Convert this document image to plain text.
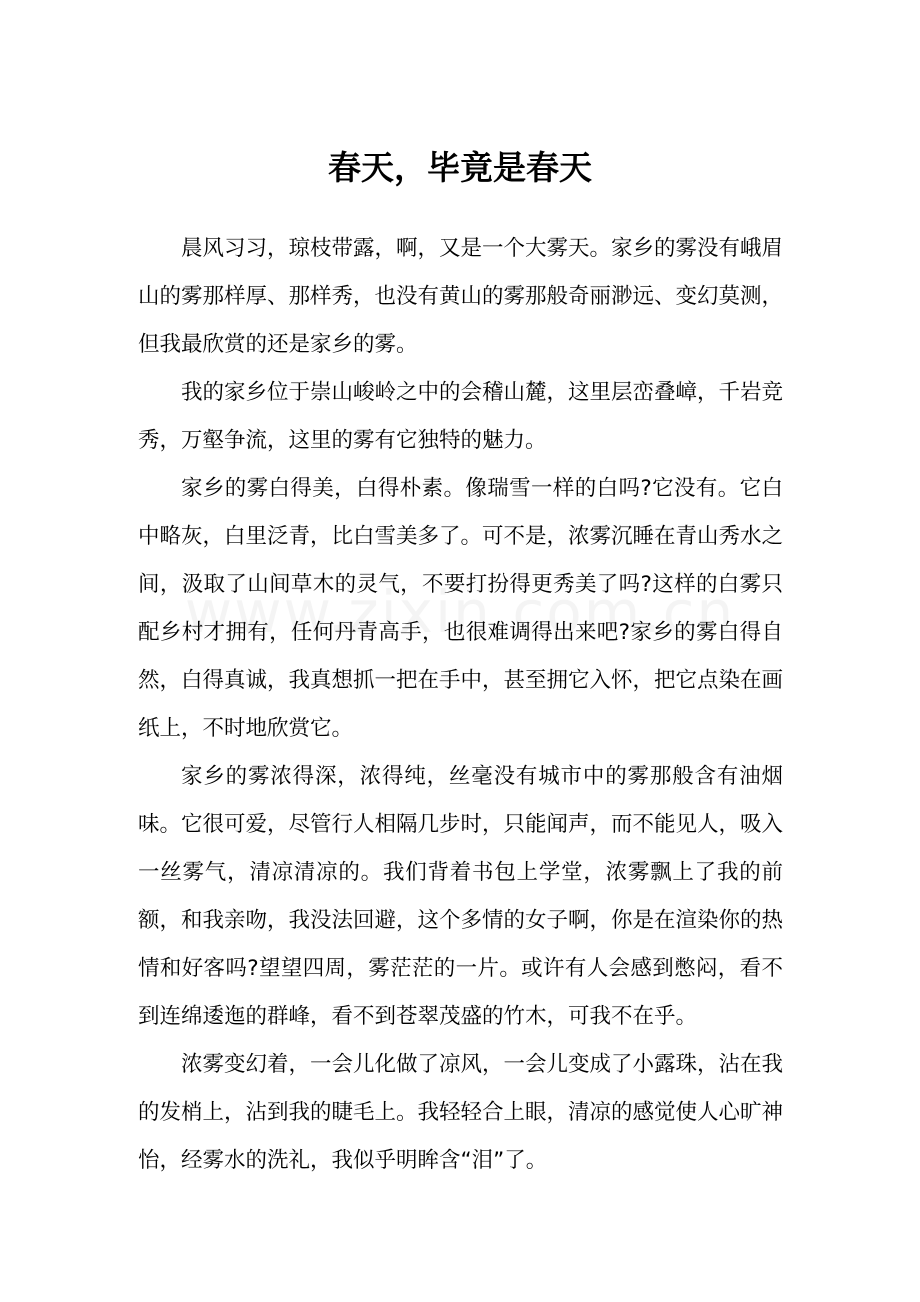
春天，毕竟是春天

晨风习习，琼枝带露，啊，又是一个大雾天。家乡的雾没有峨眉山的雾那样厚、那样秀，也没有黄山的雾那般奇丽渺远、变幻莫测，但我最欣赏的还是家乡的雾。

我的家乡位于崇山峻岭之中的会稽山麓，这里层峦叠嶂，千岩竞秀，万壑争流，这里的雾有它独特的魅力。

家乡的雾白得美，白得朴素。像瑞雪一样的白吗?它没有。它白中略灰，白里泛青，比白雪美多了。可不是，浓雾沉睡在青山秀水之间，汲取了山间草木的灵气，不要打扮得更秀美了吗?这样的白雾只配乡村才拥有，任何丹青高手，也很难调得出来吧?家乡的雾白得自然，白得真诚，我真想抓一把在手中，甚至拥它入怀，把它点染在画纸上，不时地欣赏它。

家乡的雾浓得深，浓得纯，丝毫没有城市中的雾那般含有油烟味。它很可爱，尽管行人相隔几步时，只能闻声，而不能见人，吸入一丝雾气，清凉清凉的。我们背着书包上学堂，浓雾飘上了我的前额，和我亲吻，我没法回避，这个多情的女子啊，你是在渲染你的热情和好客吗?望望四周，雾茫茫的一片。或许有人会感到憋闷，看不到连绵逶迤的群峰，看不到苍翠茂盛的竹木，可我不在乎。

浓雾变幻着，一会儿化做了凉风，一会儿变成了小露珠，沾在我的发梢上，沾到我的睫毛上。我轻轻合上眼，清凉的感觉使人心旷神怡，经雾水的洗礼，我似乎明眸含“泪”了。
